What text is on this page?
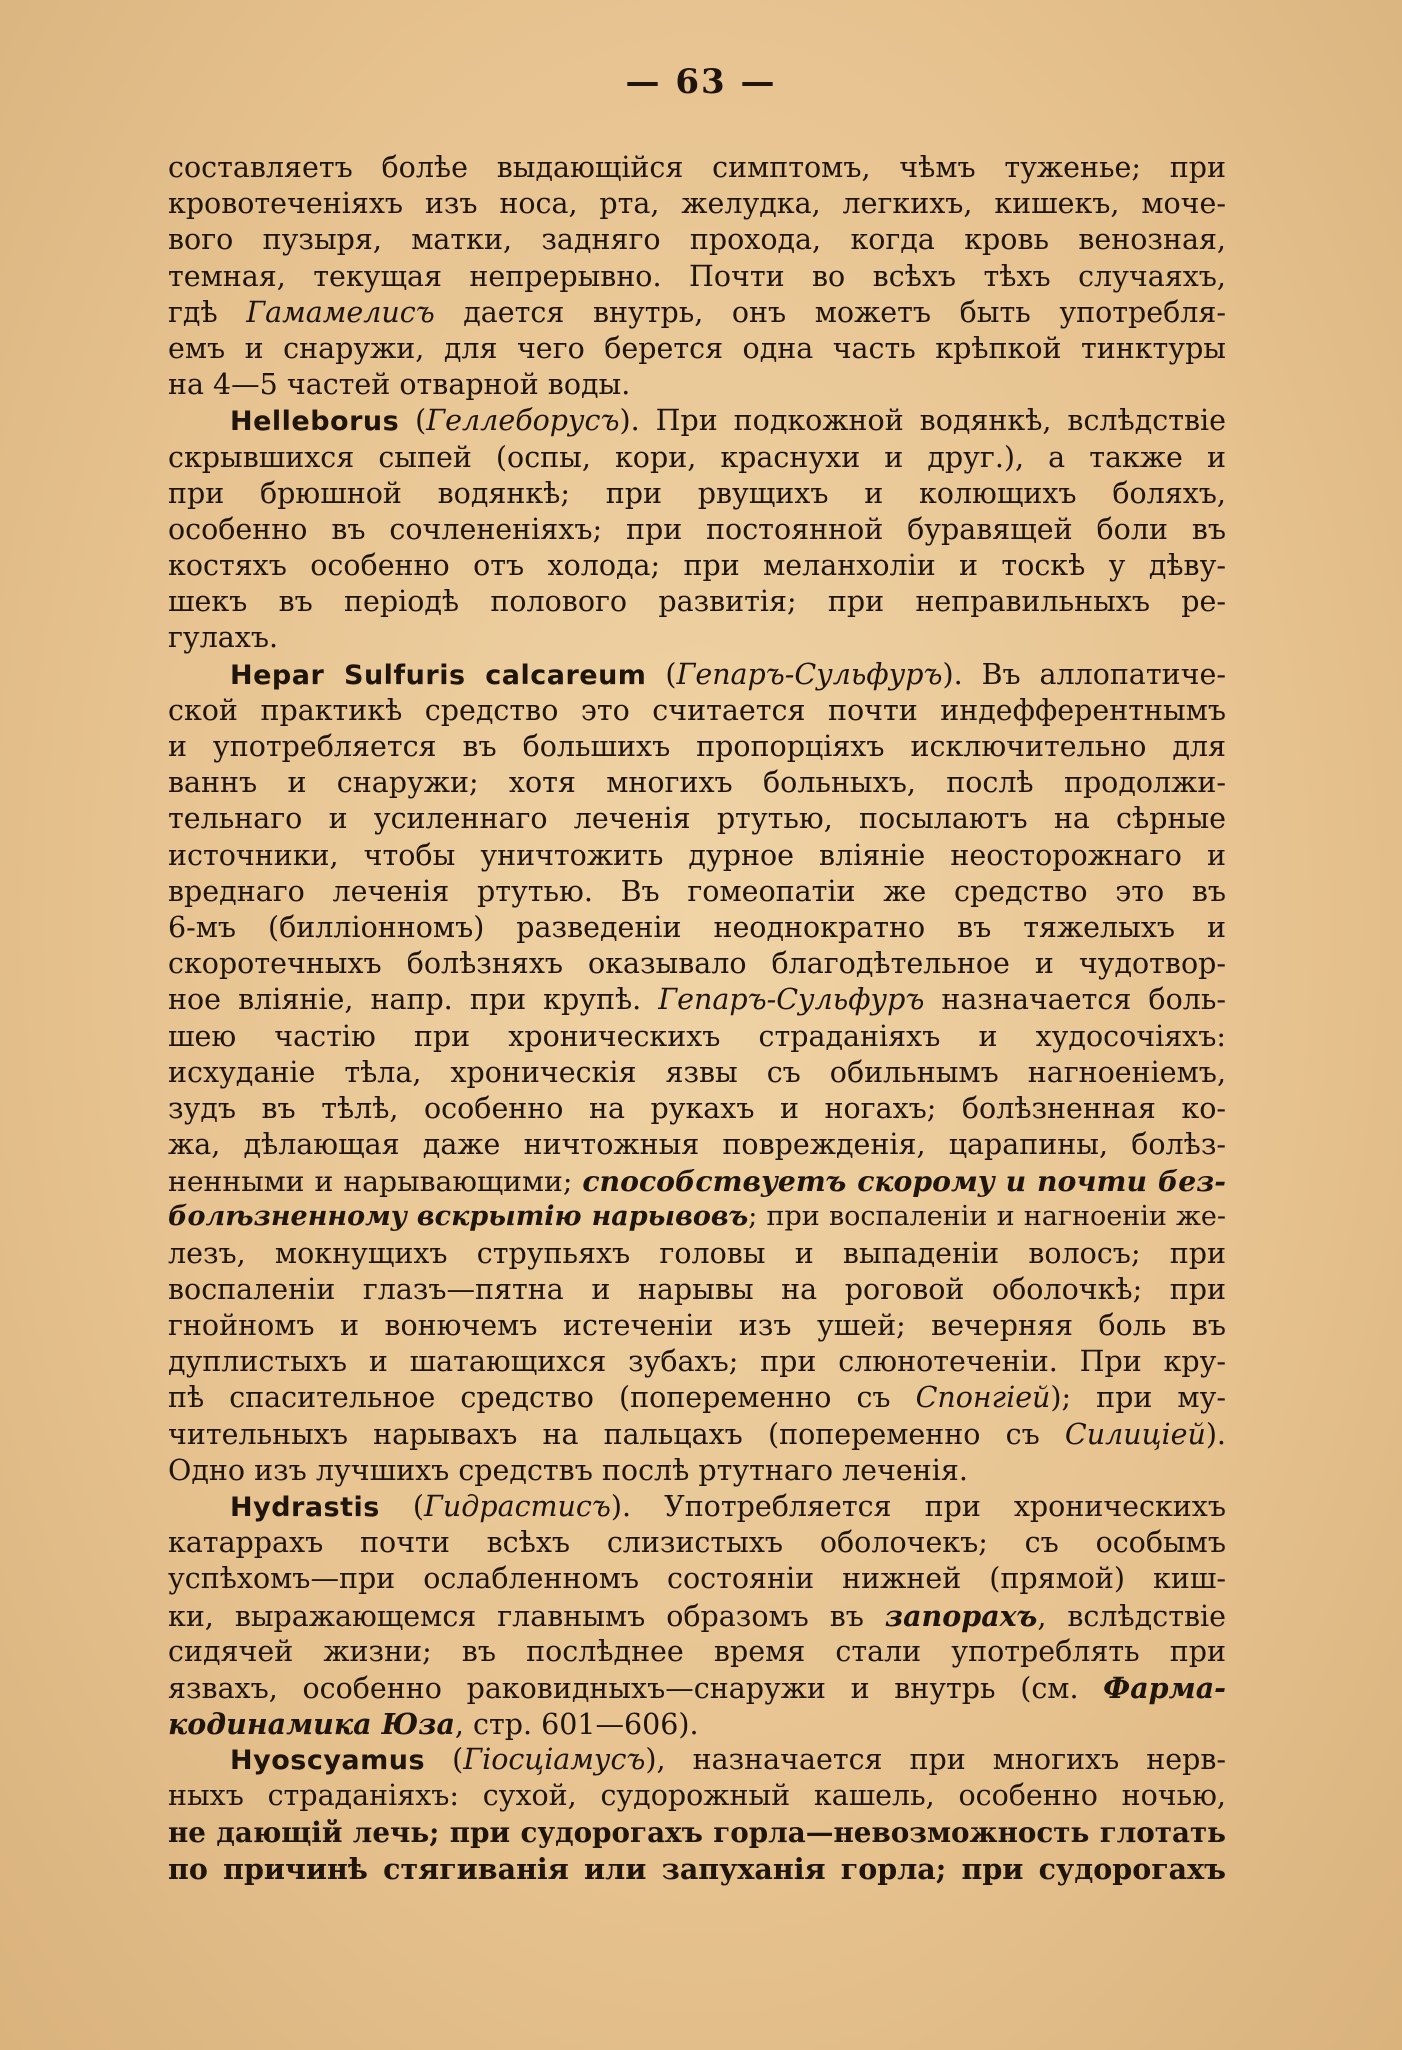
— 63 —
составляетъ болѣе выдающійся симптомъ, чѣмъ туженье; при
кровотеченіяхъ изъ носа, рта, желудка, легкихъ, кишекъ, моче-
вого пузыря, матки, задняго прохода, когда кровь венозная,
темная, текущая непрерывно. Почти во всѣхъ тѣхъ случаяхъ,
гдѣ Гамамелисъ дается внутрь, онъ можетъ быть употребля-
емъ и снаружи, для чего берется одна часть крѣпкой тинктуры
на 4—5 частей отварной воды.
Helleborus (Геллеборусъ). При подкожной водянкѣ, вслѣдствіе
скрывшихся сыпей (оспы, кори, краснухи и друг.), а также и
при брюшной водянкѣ; при рвущихъ и колющихъ боляхъ,
особенно въ сочлененіяхъ; при постоянной буравящей боли въ
костяхъ особенно отъ холода; при меланхоліи и тоскѣ у дѣву-
шекъ въ періодѣ полового развитія; при неправильныхъ ре-
гулахъ.
Hepar Sulfuris calcareum (Гепаръ-Сульфуръ). Въ аллопатиче-
ской практикѣ средство это считается почти индефферентнымъ
и употребляется въ большихъ пропорціяхъ исключительно для
ваннъ и снаружи; хотя многихъ больныхъ, послѣ продолжи-
тельнаго и усиленнаго леченія ртутью, посылаютъ на сѣрные
источники, чтобы уничтожить дурное вліяніе неосторожнаго и
вреднаго леченія ртутью. Въ гомеопатіи же средство это въ
6-мъ (билліонномъ) разведеніи неоднократно въ тяжелыхъ и
скоротечныхъ болѣзняхъ оказывало благодѣтельное и чудотвор-
ное вліяніе, напр. при крупѣ. Гепаръ-Сульфуръ назначается боль-
шею частію при хроническихъ страданіяхъ и худосочіяхъ:
исхуданіе тѣла, хроническія язвы съ обильнымъ нагноеніемъ,
зудъ въ тѣлѣ, особенно на рукахъ и ногахъ; болѣзненная ко-
жа, дѣлающая даже ничтожныя поврежденія, царапины, болѣз-
ненными и нарывающими; способствуетъ скорому и почти без-
болѣзненному вскрытію нарывовъ; при воспаленіи и нагноеніи же-
лезъ, мокнущихъ струпьяхъ головы и выпаденіи волосъ; при
воспаленіи глазъ—пятна и нарывы на роговой оболочкѣ; при
гнойномъ и вонючемъ истеченіи изъ ушей; вечерняя боль въ
дуплистыхъ и шатающихся зубахъ; при слюнотеченіи. При кру-
пѣ спасительное средство (попеременно съ Спонгіей); при му-
чительныхъ нарывахъ на пальцахъ (попеременно съ Силиціей).
Одно изъ лучшихъ средствъ послѣ ртутнаго леченія.
Hydrastis (Гидрастисъ). Употребляется при хроническихъ
катаррахъ почти всѣхъ слизистыхъ оболочекъ; съ особымъ
успѣхомъ—при ослабленномъ состояніи нижней (прямой) киш-
ки, выражающемся главнымъ образомъ въ запорахъ, вслѣдствіе
сидячей жизни; въ послѣднее время стали употреблять при
язвахъ, особенно раковидныхъ—снаружи и внутрь (см. Фарма-
кодинамика Юза, стр. 601—606).
Hyoscyamus (Гіосціамусъ), назначается при многихъ нерв-
ныхъ страданіяхъ: сухой, судорожный кашель, особенно ночью,
не дающій лечь; при судорогахъ горла—невозможность глотать
по причинѣ стягиванія или запуханія горла; при судорогахъ
